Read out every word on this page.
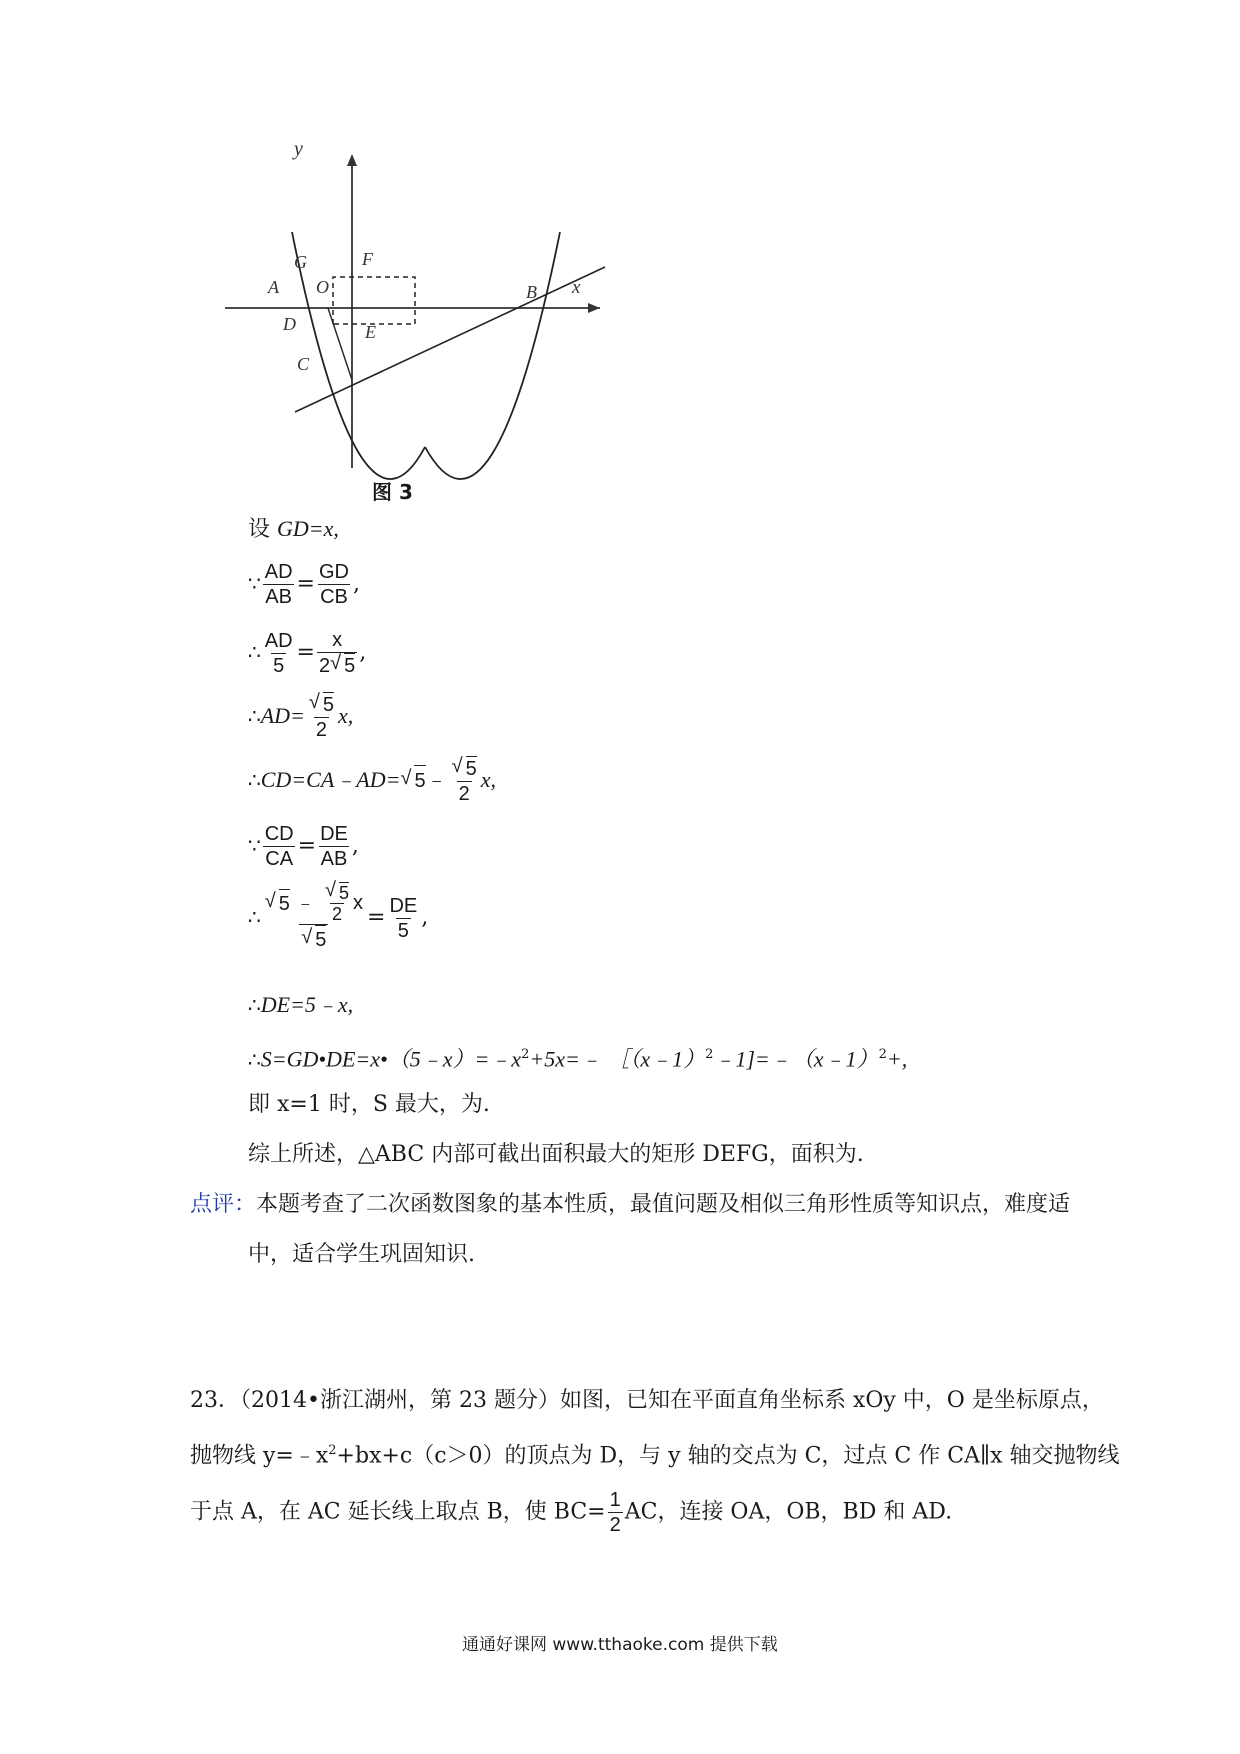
y
x
G	F
A O	B
D	E
C
图 3
设 GD=x,
∵ $\frac{AD}{AB} = \frac{GD}{CB}$ ,
∴ $\frac{AD}{5} = \frac{x}{2 √ 5}$ ,
∴AD= √ $\frac{5}{2} x$,
∴CD=CA﹣AD= √ 5﹣ √ $\frac{5}{2} x$,
∵ $\frac{CD}{CA} = \frac{DE}{AB}$ ,
∴ √ 5
﹣
√ $\frac{5}{2}$ x
√ $5 = \frac{DE}{5}$ ,
∴DE=5﹣x,
$\therefore S=GD•DE=x•(5﹣x)=﹣x^2+5x=﹣$ ［（x﹣1）$^2$﹣1]=﹣（x﹣1）$^2$+,
即 x=1 时，S 最大，为.
综上所述，△ABC 内部可截出面积最大的矩形 DEFG，面积为.
点评：本题考查了二次函数图象的基本性质，最值问题及相似三角形性质等知识点，难度适
中，适合学生巩固知识.
23．（2014•浙江湖州，第 23 题分）如图，已知在平面直角坐标系 xOy 中，O 是坐标原点，
抛物线 $y=﹣x^2+bx+c(c>0)$的顶点为 D，与 y 轴的交点为 C，过点 C 作 CA∥x 轴交抛物线
于点 A，在 AC 延长线上取点 B，使 $BC= \frac{1}{2}$ AC，连接 OA，OB，BD 和 AD.
通通好课网 www.tthaoke.com 提供下载
